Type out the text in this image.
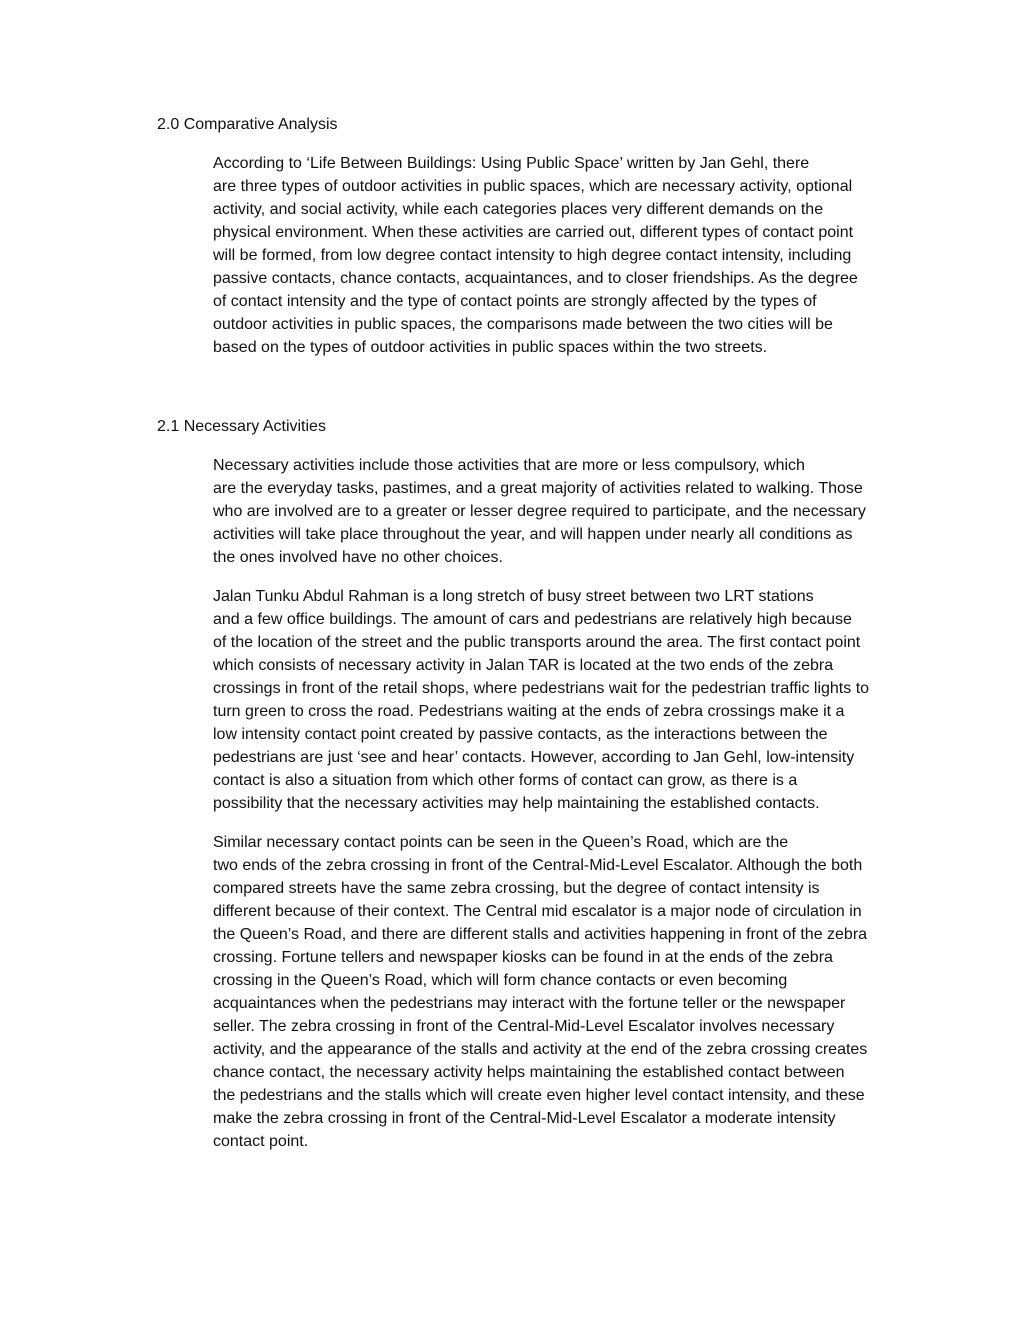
2.0 Comparative Analysis

According to ‘Life Between Buildings: Using Public Space’ written by Jan Gehl, there
are three types of outdoor activities in public spaces, which are necessary activity, optional
activity, and social activity, while each categories places very different demands on the
physical environment. When these activities are carried out, different types of contact point
will be formed, from low degree contact intensity to high degree contact intensity, including
passive contacts, chance contacts, acquaintances, and to closer friendships. As the degree
of contact intensity and the type of contact points are strongly affected by the types of
outdoor activities in public spaces, the comparisons made between the two cities will be
based on the types of outdoor activities in public spaces within the two streets.

2.1 Necessary Activities

Necessary activities include those activities that are more or less compulsory, which
are the everyday tasks, pastimes, and a great majority of activities related to walking. Those
who are involved are to a greater or lesser degree required to participate, and the necessary
activities will take place throughout the year, and will happen under nearly all conditions as
the ones involved have no other choices.

Jalan Tunku Abdul Rahman is a long stretch of busy street between two LRT stations
and a few office buildings. The amount of cars and pedestrians are relatively high because
of the location of the street and the public transports around the area. The first contact point
which consists of necessary activity in Jalan TAR is located at the two ends of the zebra
crossings in front of the retail shops, where pedestrians wait for the pedestrian traffic lights to
turn green to cross the road. Pedestrians waiting at the ends of zebra crossings make it a
low intensity contact point created by passive contacts, as the interactions between the
pedestrians are just ‘see and hear’ contacts. However, according to Jan Gehl, low-intensity
contact is also a situation from which other forms of contact can grow, as there is a
possibility that the necessary activities may help maintaining the established contacts.

Similar necessary contact points can be seen in the Queen’s Road, which are the
two ends of the zebra crossing in front of the Central-Mid-Level Escalator. Although the both
compared streets have the same zebra crossing, but the degree of contact intensity is
different because of their context. The Central mid escalator is a major node of circulation in
the Queen’s Road, and there are different stalls and activities happening in front of the zebra
crossing. Fortune tellers and newspaper kiosks can be found in at the ends of the zebra
crossing in the Queen’s Road, which will form chance contacts or even becoming
acquaintances when the pedestrians may interact with the fortune teller or the newspaper
seller. The zebra crossing in front of the Central-Mid-Level Escalator involves necessary
activity, and the appearance of the stalls and activity at the end of the zebra crossing creates
chance contact, the necessary activity helps maintaining the established contact between
the pedestrians and the stalls which will create even higher level contact intensity, and these
make the zebra crossing in front of the Central-Mid-Level Escalator a moderate intensity
contact point.
